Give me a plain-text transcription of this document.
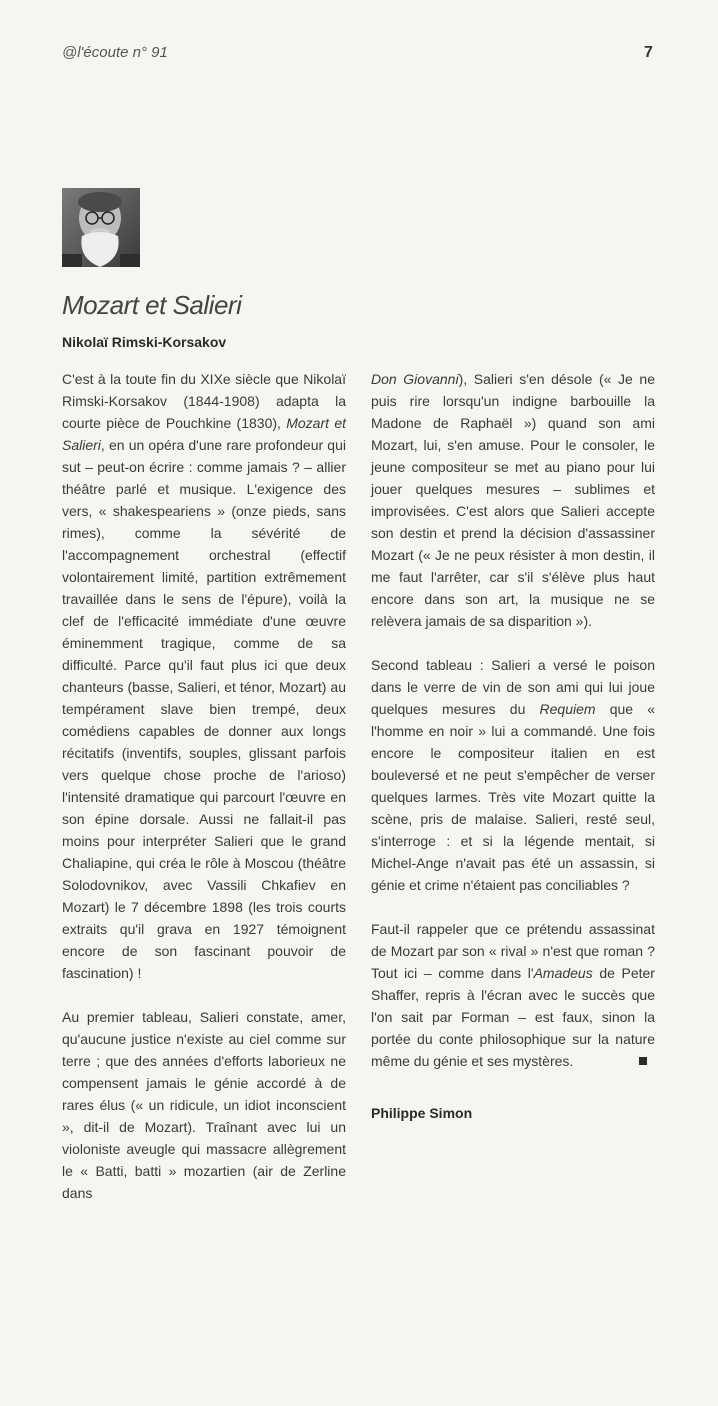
@l'écoute n° 91	7
Mozart et Salieri
Nikolaï Rimski-Korsakov

C'est à la toute fin du XIXe siècle que Nikolaï Rimski-Korsakov (1844-1908) adapta la courte pièce de Pouchkine (1830), Mozart et Salieri, en un opéra d'une rare profondeur qui sut – peut-on écrire : comme jamais ? – allier théâtre parlé et musique. L'exigence des vers, « shakespeariens » (onze pieds, sans rimes), comme la sévérité de l'accompagnement orchestral (effectif volontairement limité, partition extrêmement travaillée dans le sens de l'épure), voilà la clef de l'efficacité immédiate d'une œuvre éminemment tragique, comme de sa difficulté. Parce qu'il faut plus ici que deux chanteurs (basse, Salieri, et ténor, Mozart) au tempérament slave bien trempé, deux comédiens capables de donner aux longs récitatifs (inventifs, souples, glissant parfois vers quelque chose proche de l'arioso) l'intensité dramatique qui parcourt l'œuvre en son épine dorsale. Aussi ne fallait-il pas moins pour interpréter Salieri que le grand Chaliapine, qui créa le rôle à Moscou (théâtre Solodovnikov, avec Vassili Chkafiev en Mozart) le 7 décembre 1898 (les trois courts extraits qu'il grava en 1927 témoignent encore de son fascinant pouvoir de fascination) !

Au premier tableau, Salieri constate, amer, qu'aucune justice n'existe au ciel comme sur terre ; que des années d'efforts laborieux ne compensent jamais le génie accordé à de rares élus (« un ridicule, un idiot inconscient », dit-il de Mozart). Traînant avec lui un violoniste aveugle qui massacre allègrement le « Batti, batti » mozartien (air de Zerline dans

Don Giovanni), Salieri s'en désole (« Je ne puis rire lorsqu'un indigne barbouille la Madone de Raphaël ») quand son ami Mozart, lui, s'en amuse. Pour le consoler, le jeune compositeur se met au piano pour lui jouer quelques mesures – sublimes et improvisées. C'est alors que Salieri accepte son destin et prend la décision d'assassiner Mozart (« Je ne peux résister à mon destin, il me faut l'arrêter, car s'il s'élève plus haut encore dans son art, la musique ne se relèvera jamais de sa disparition »).

Second tableau : Salieri a versé le poison dans le verre de vin de son ami qui lui joue quelques mesures du Requiem que « l'homme en noir » lui a commandé. Une fois encore le compositeur italien en est bouleversé et ne peut s'empêcher de verser quelques larmes. Très vite Mozart quitte la scène, pris de malaise. Salieri, resté seul, s'interroge : et si la légende mentait, si Michel-Ange n'avait pas été un assassin, si génie et crime n'étaient pas conciliables ?

Faut-il rappeler que ce prétendu assassinat de Mozart par son « rival » n'est que roman ? Tout ici – comme dans l'Amadeus de Peter Shaffer, repris à l'écran avec le succès que l'on sait par Forman – est faux, sinon la portée du conte philosophique sur la nature même du génie et ses mystères.

Philippe Simon
